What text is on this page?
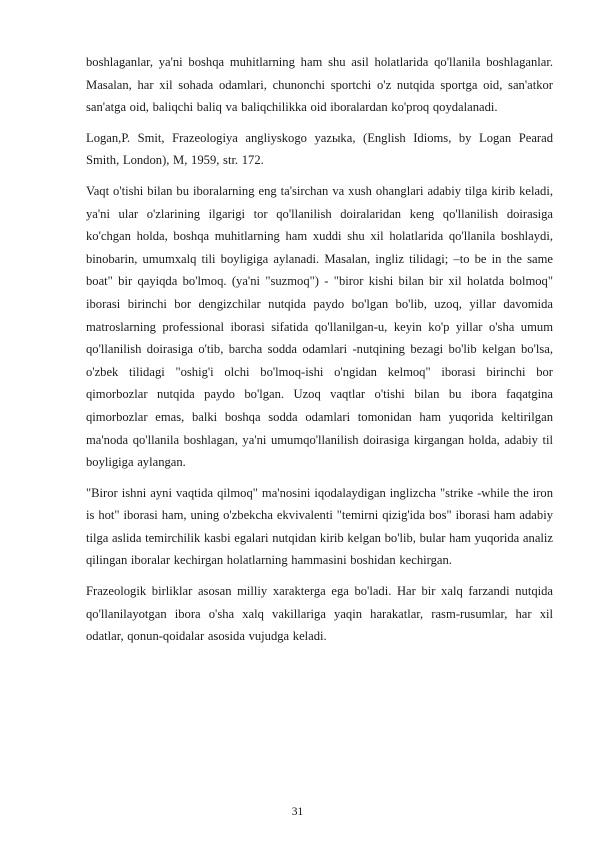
boshlaganlar, ya'ni boshqa muhitlarning ham shu asil holatlarida qo'llanila boshlaganlar. Masalan, har xil sohada odamlari, chunonchi sportchi o'z nutqida sportga oid, san'atkor san'atga oid, baliqchi baliq va baliqchilikka oid iboralardan ko'proq qoydalanadi.

Logan,P. Smit, Frazeologiya angliyskogo yazыka, (English Idioms, by Logan Pearad Smith, London), M, 1959, str. 172.

Vaqt o'tishi bilan bu iboralarning eng ta'sirchan va xush ohanglari adabiy tilga kirib keladi, ya'ni ular o'zlarining ilgarigi tor qo'llanilish doiralaridan keng qo'llanilish doirasiga ko'chgan holda, boshqa muhitlarning ham xuddi shu xil holatlarida qo'llanila boshlaydi, binobarin, umumxalq tili boyligiga aylanadi. Masalan, ingliz tilidagi; –to be in the same boat" bir qayiqda bo'lmoq. (ya'ni "suzmoq") - "biror kishi bilan bir xil holatda bolmoq" iborasi birinchi bor dengizchilar nutqida paydo bo'lgan bo'lib, uzoq, yillar davomida matroslarning professional iborasi sifatida qo'llanilgan-u, keyin ko'p yillar o'sha umum qo'llanilish doirasiga o'tib, barcha sodda odamlari -nutqining bezagi bo'lib kelgan bo'lsa, o'zbek tilidagi "oshig'i olchi bo'lmoq-ishi o'ngidan kelmoq" iborasi birinchi bor qimorbozlar nutqida paydo bo'lgan. Uzoq vaqtlar o'tishi bilan bu ibora faqatgina qimorbozlar emas, balki boshqa sodda odamlari tomonidan ham yuqorida keltirilgan ma'noda qo'llanila boshlagan, ya'ni umumqo'llanilish doirasiga kirgangan holda, adabiy til boyligiga aylangan.

"Biror ishni ayni vaqtida qilmoq" ma'nosini iqodalaydigan inglizcha "strike -while the iron is hot" iborasi ham, uning o'zbekcha ekvivalenti "temirni qizig'ida bos" iborasi ham adabiy tilga aslida temirchilik kasbi egalari nutqidan kirib kelgan bo'lib, bular ham yuqorida analiz qilingan iboralar kechirgan holatlarning hammasini boshidan kechirgan.

Frazeologik birliklar asosan milliy xarakterga ega bo'ladi. Har bir xalq farzandi nutqida qo'llanilayotgan ibora o'sha xalq vakillariga yaqin harakatlar, rasm-rusumlar, har xil odatlar, qonun-qoidalar asosida vujudga keladi.

31
